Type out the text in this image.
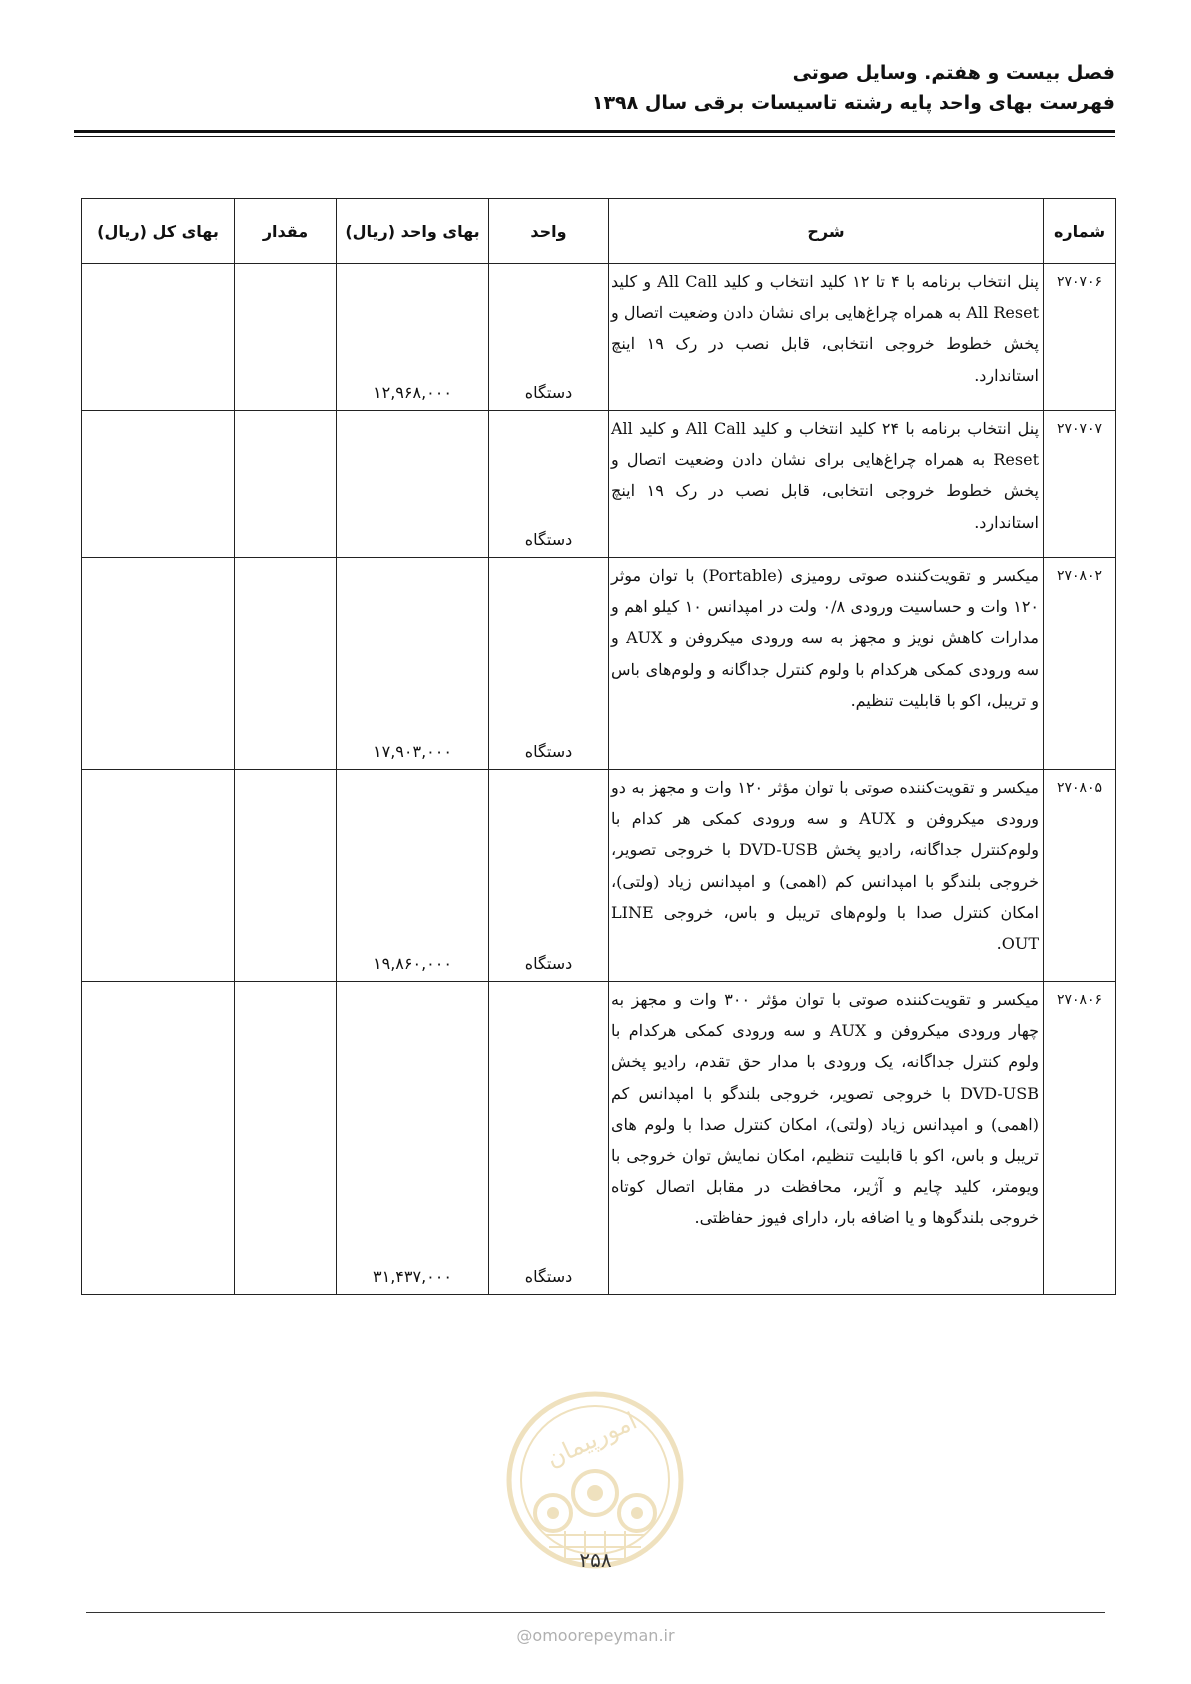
فصل بیست و هفتم. وسایل صوتی
فهرست بهای واحد پایه رشته تاسیسات برقی سال ۱۳۹۸
شماره	شرح	واحد	بهای واحد (ریال)	مقدار	بهای کل (ریال)
۲۷۰۷۰۶	پنل انتخاب برنامه با ۴ تا ۱۲ کلید انتخاب و کلید All Call و کلید All Reset به همراه چراغ‌هایی برای نشان دادن وضعیت اتصال و پخش خطوط خروجی انتخابی، قابل نصب در رک ۱۹ اینچ استاندارد.	دستگاه	۱۲,۹۶۸,۰۰۰		
۲۷۰۷۰۷	پنل انتخاب برنامه با ۲۴ کلید انتخاب و کلید All Call و کلید All Reset به همراه چراغ‌هایی برای نشان دادن وضعیت اتصال و پخش خطوط خروجی انتخابی، قابل نصب در رک ۱۹ اینچ استاندارد.	دستگاه			
۲۷۰۸۰۲	میکسر و تقویت‌کننده صوتی رومیزی (Portable) با توان موثر ۱۲۰ وات و حساسیت ورودی ۰/۸ ولت در امپدانس ۱۰ کیلو اهم و مدارات کاهش نویز و مجهز به سه ورودی میکروفن و AUX و سه ورودی کمکی هرکدام با ولوم کنترل جداگانه و ولوم‌های باس و تریبل، اکو با قابلیت تنظیم.	دستگاه	۱۷,۹۰۳,۰۰۰		
۲۷۰۸۰۵	میکسر و تقویت‌کننده صوتی با توان مؤثر ۱۲۰ وات و مجهز به دو ورودی میکروفن و AUX و سه ورودی کمکی هر کدام با ولوم‌کنترل جداگانه، رادیو پخش DVD-USB با خروجی تصویر، خروجی بلندگو با امپدانس کم (اهمی) و امپدانس زیاد (ولتی)، امکان کنترل صدا با ولوم‌های تریبل و باس، خروجی LINE OUT.	دستگاه	۱۹,۸۶۰,۰۰۰		
۲۷۰۸۰۶	میکسر و تقویت‌کننده صوتی با توان مؤثر ۳۰۰ وات و مجهز به چهار ورودی میکروفن و AUX و سه ورودی کمکی هرکدام با ولوم کنترل جداگانه، یک ورودی با مدار حق تقدم، رادیو پخش DVD-USB با خروجی تصویر، خروجی بلندگو با امپدانس کم (اهمی) و امپدانس زیاد (ولتی)، امکان کنترل صدا با ولوم های تریبل و باس، اکو با قابلیت تنظیم، امکان نمایش توان خروجی با ویومتر، کلید چایم و آژیر، محافظت در مقابل اتصال کوتاه خروجی بلندگوها و یا اضافه بار، دارای فیوز حفاظتی.	دستگاه	۳۱,۴۳۷,۰۰۰		
امورپیمان
۲۵۸
@omoorepeyman.ir
